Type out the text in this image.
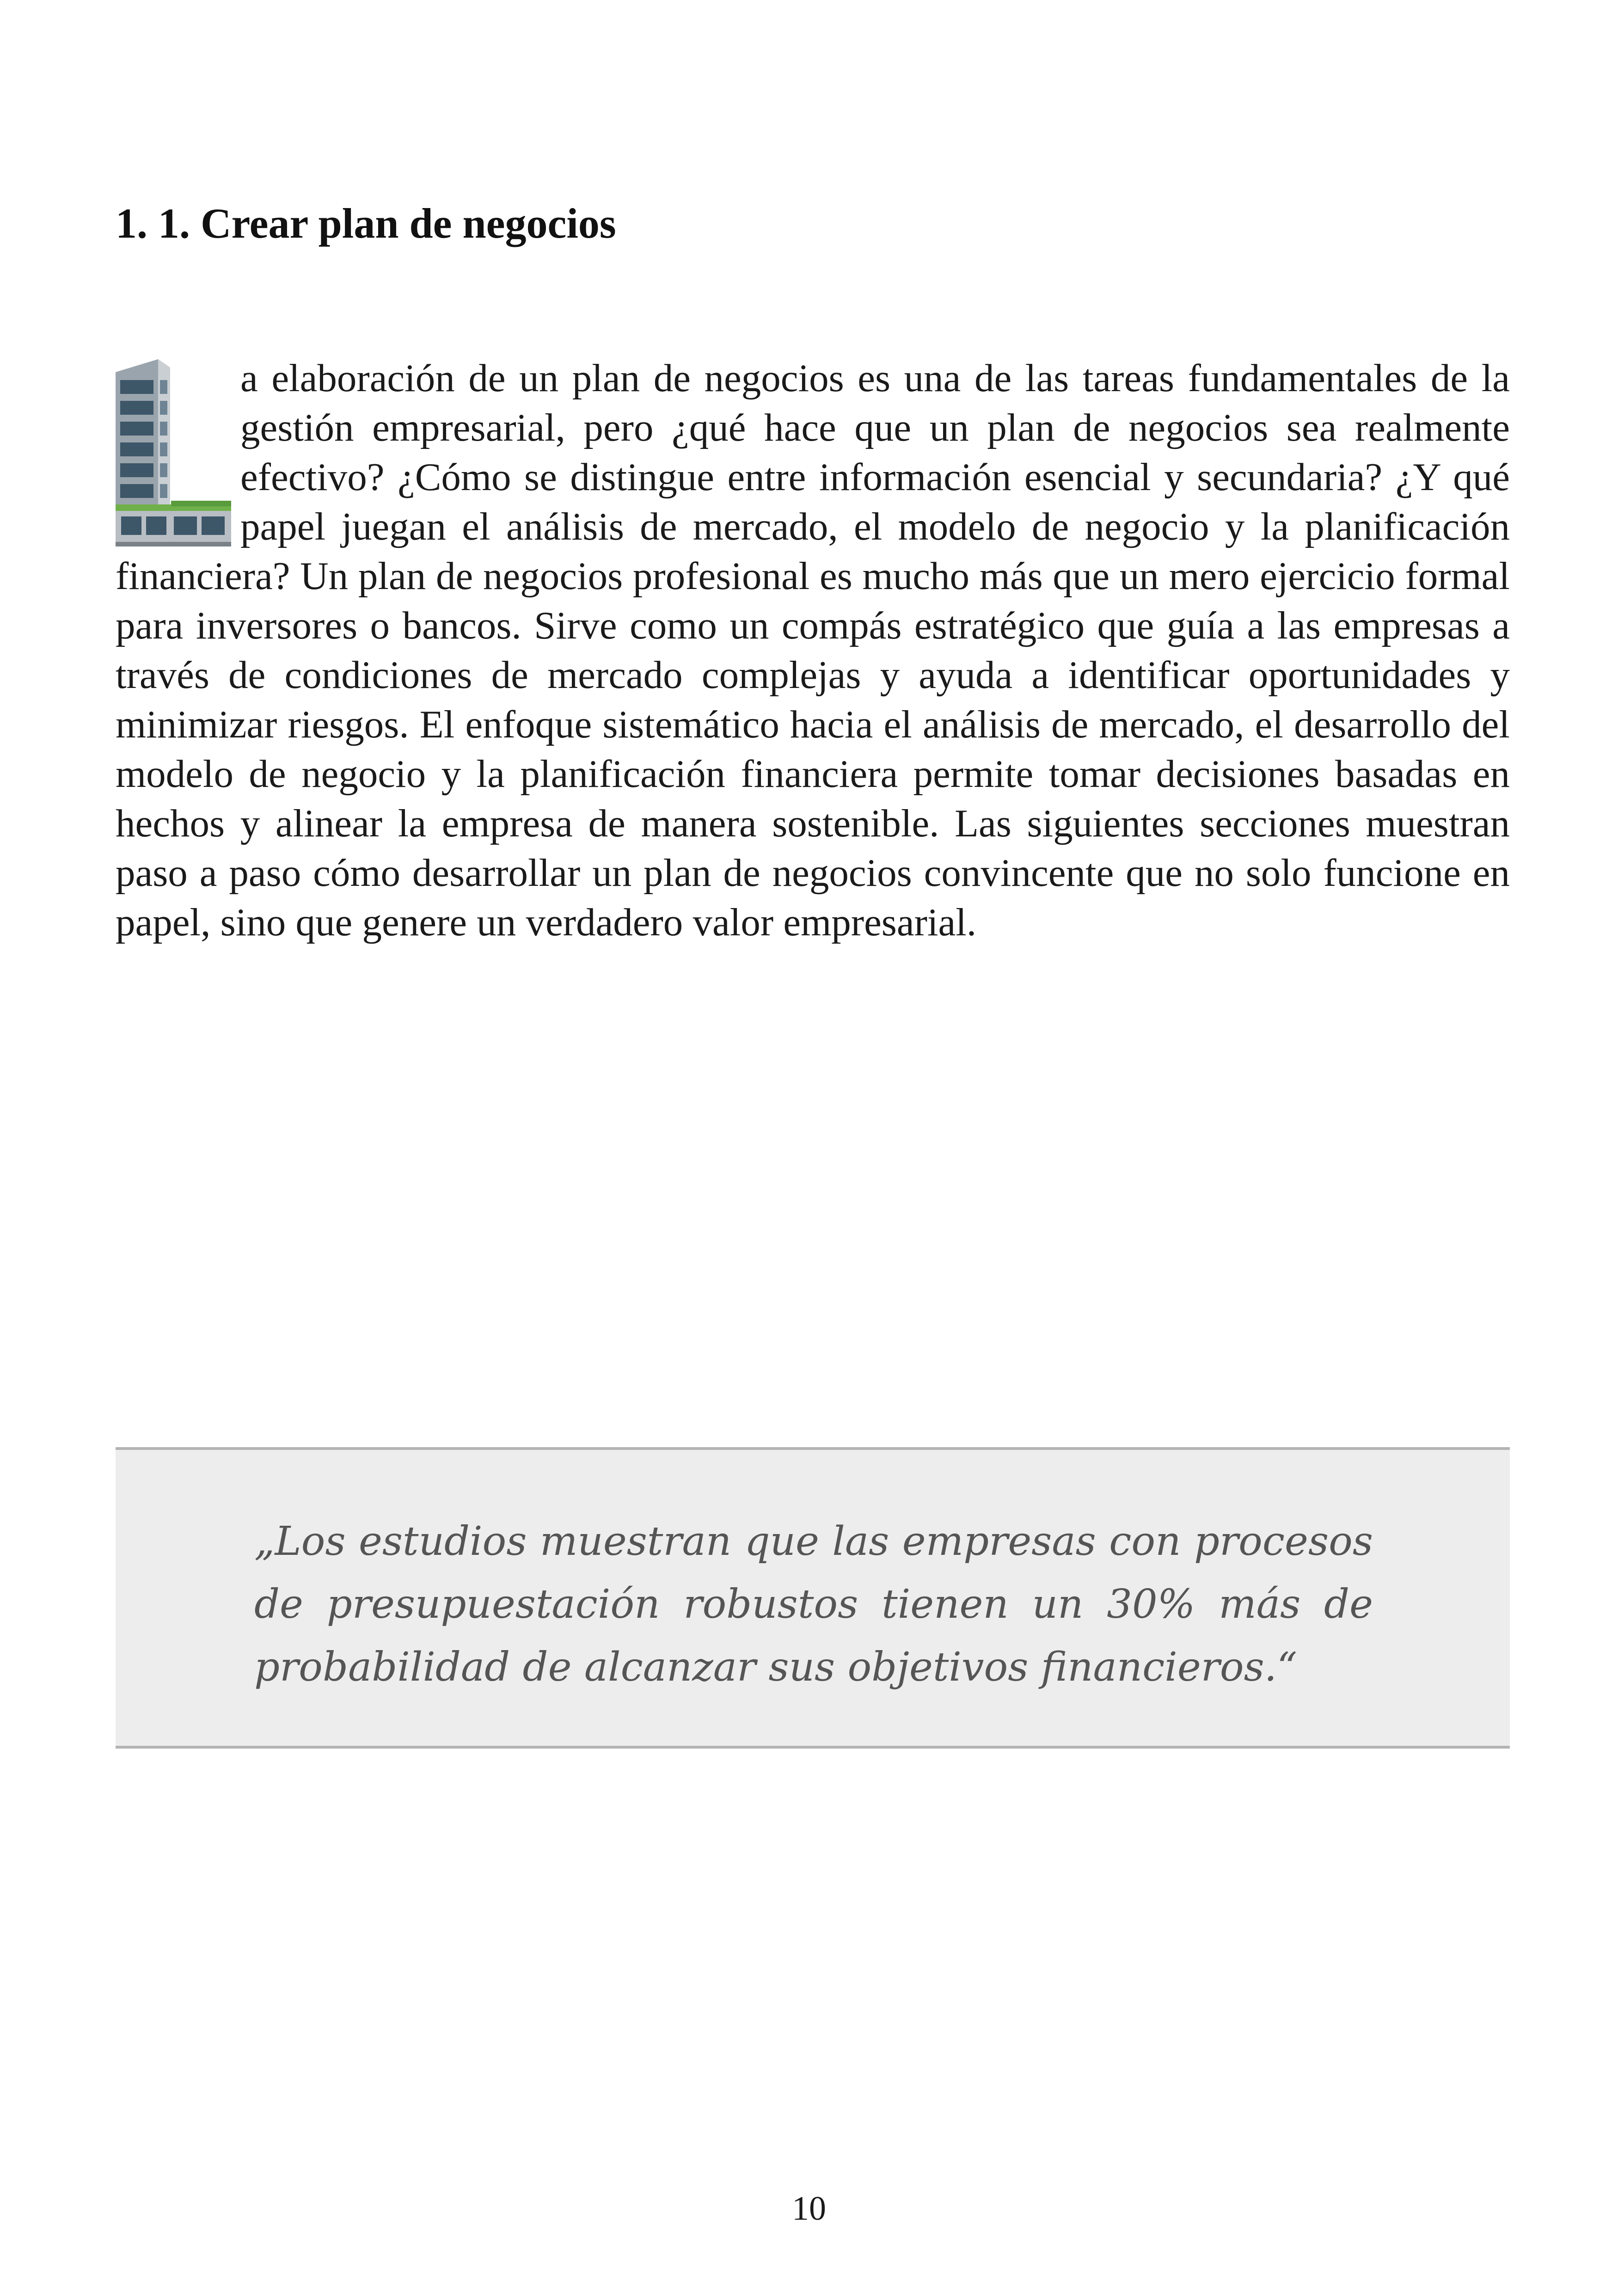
1. 1. Crear plan de negocios

a elaboración de un plan de negocios es una de las tareas fundamentales de la gestión empresarial, pero ¿qué hace que un plan de negocios sea realmente efectivo? ¿Cómo se distingue entre información esencial y secundaria? ¿Y qué papel juegan el análisis de mercado, el modelo de negocio y la planificación financiera? Un plan de negocios profesional es mucho más que un mero ejercicio formal para inversores o bancos. Sirve como un compás estratégico que guía a las empresas a través de condiciones de mercado complejas y ayuda a identificar oportunidades y minimizar riesgos. El enfoque sistemático hacia el análisis de mercado, el desarrollo del modelo de negocio y la planificación financiera permite tomar decisiones basadas en hechos y alinear la empresa de manera sostenible. Las siguientes secciones muestran paso a paso cómo desarrollar un plan de negocios convincente que no solo funcione en papel, sino que genere un verdadero valor empresarial.

„Los estudios muestran que las empresas con procesos de presupuestación robustos tienen un 30% más de probabilidad de alcanzar sus objetivos financieros.“

10
